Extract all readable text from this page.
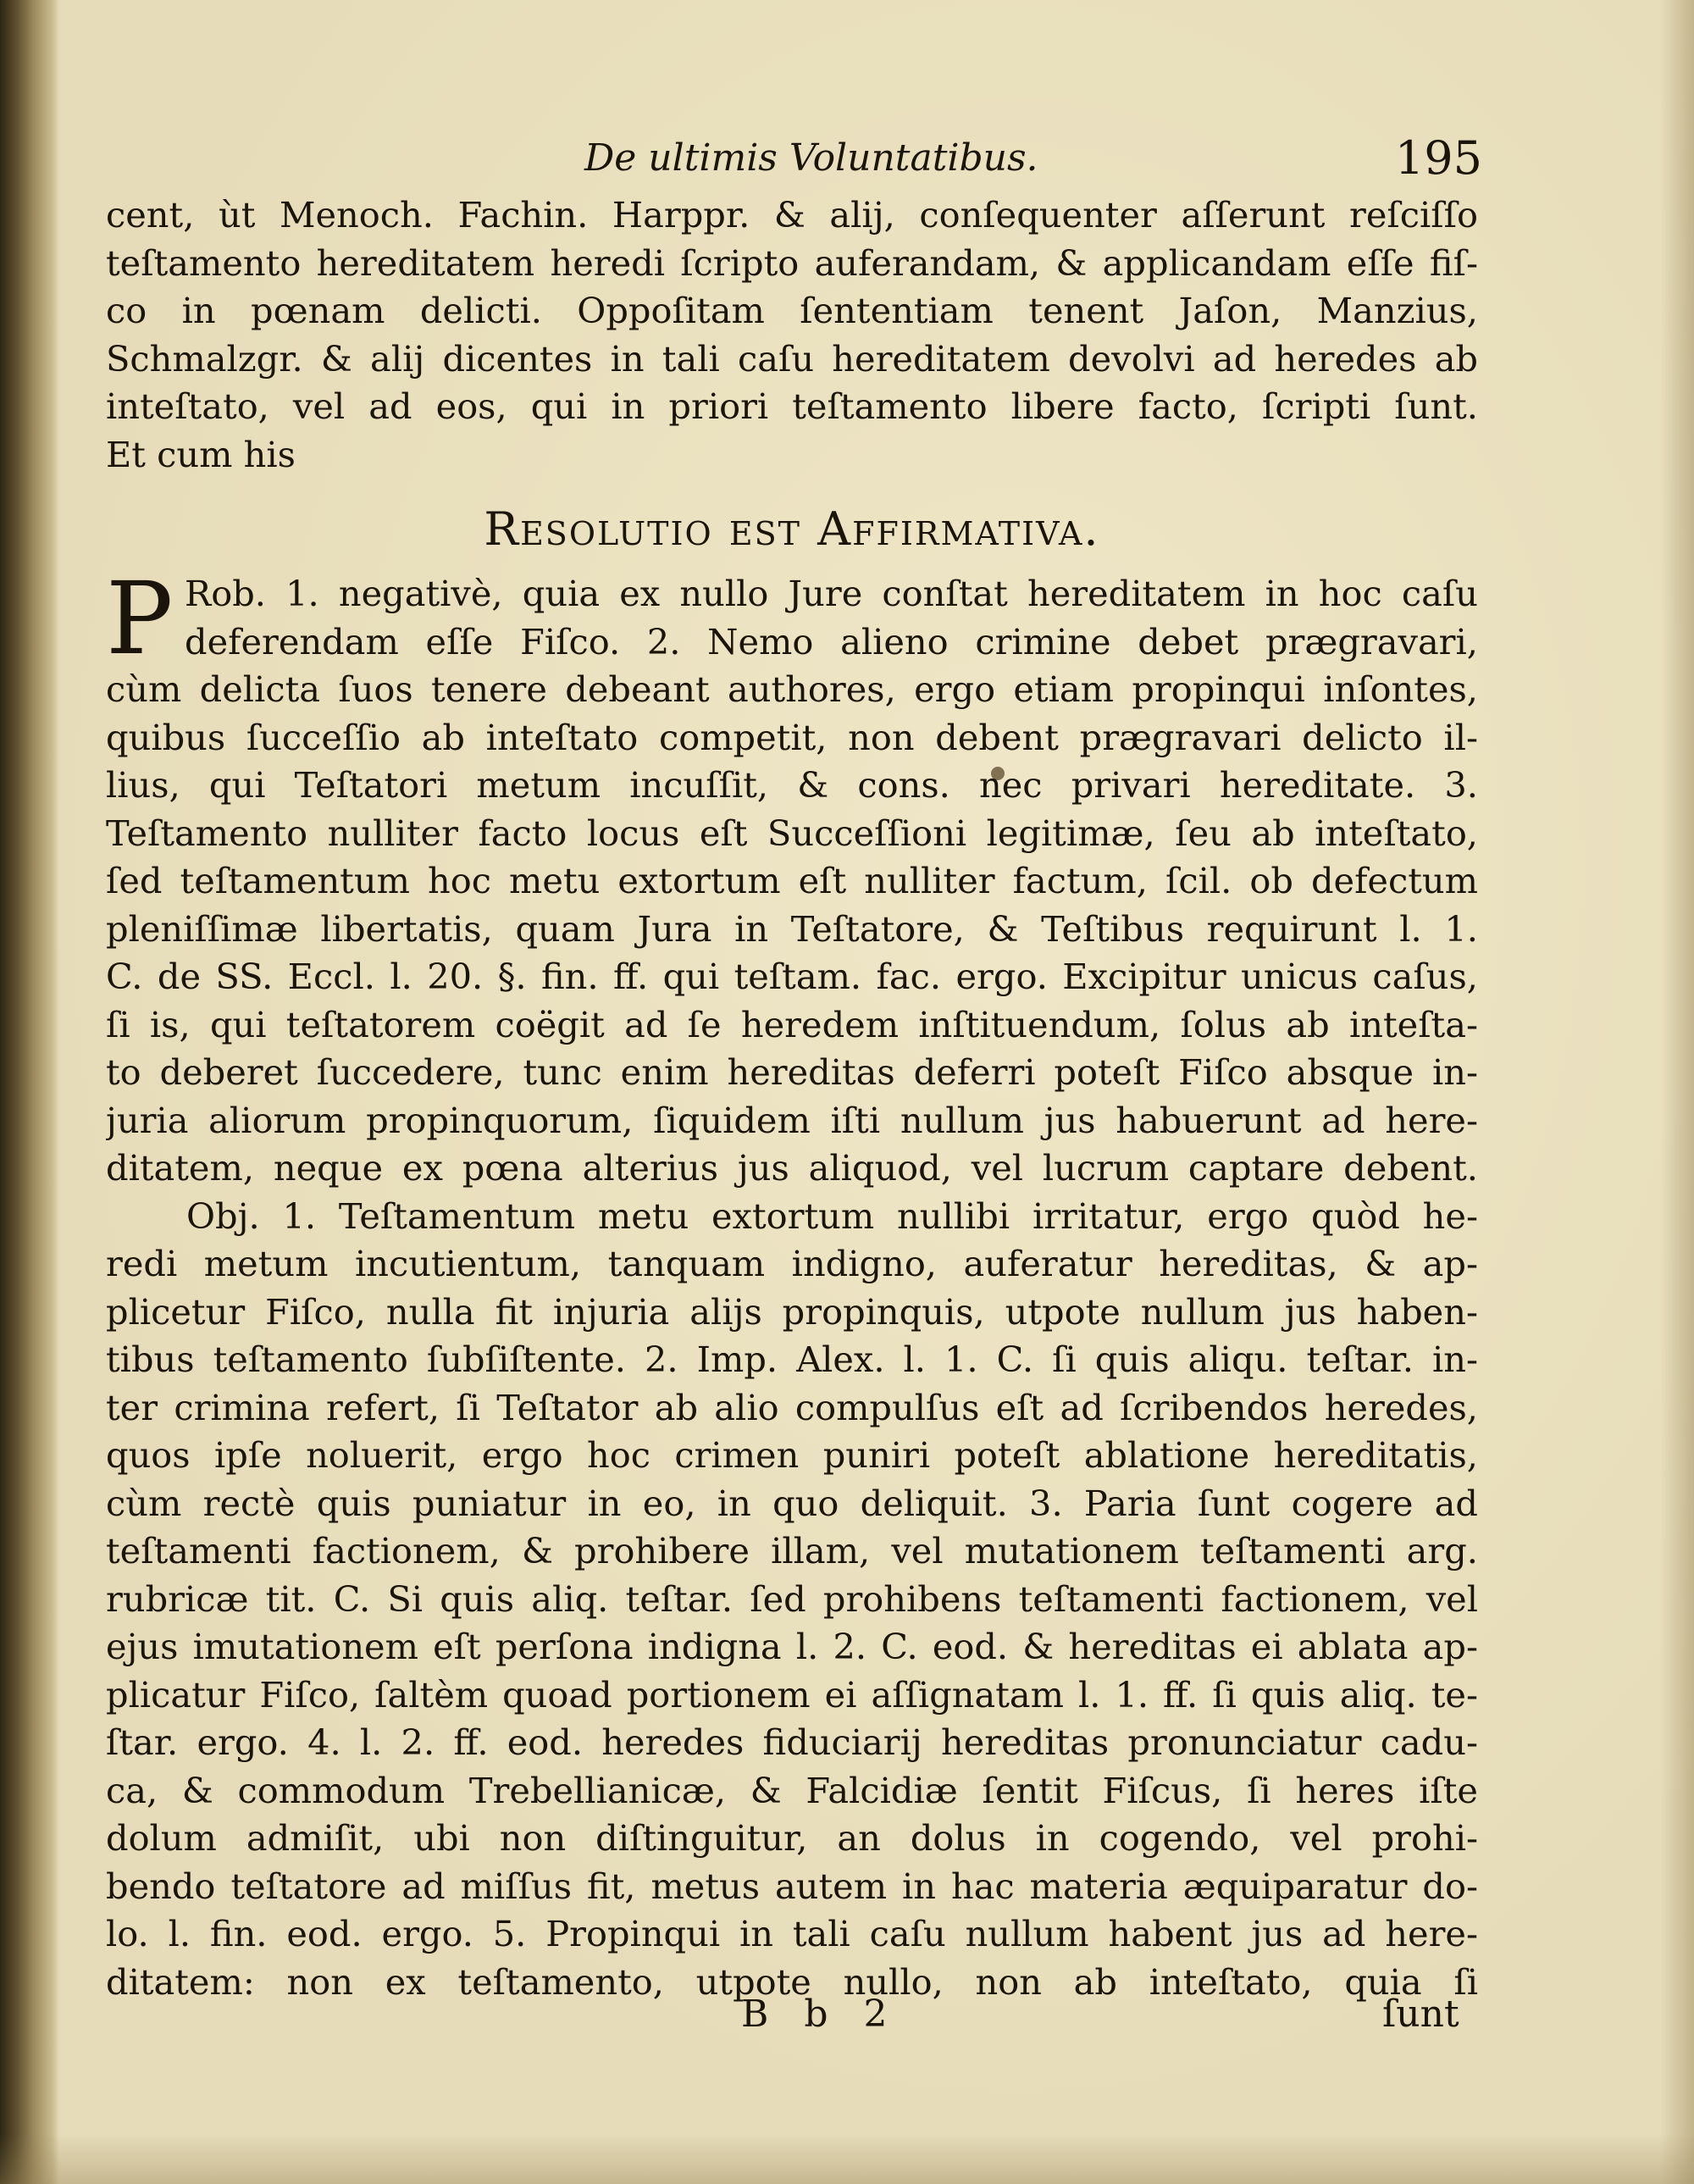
De ultimis Voluntatibus.	195
cent, ùt Menoch. Fachin. Harppr. & alij, conſequenter aſſerunt reſciſſo
teſtamento hereditatem heredi ſcripto auferandam, & applicandam eſſe fiſ-
co in pœnam delicti. Oppoſitam ſententiam tenent Jaſon, Manzius,
Schmalzgr. & alij dicentes in tali caſu hereditatem devolvi ad heredes ab
inteſtato, vel ad eos, qui in priori teſtamento libere facto, ſcripti ſunt.
Et cum his
Resolutio est Affirmativa.
P Rob. 1. negativè, quia ex nullo Jure conſtat hereditatem in hoc caſu
deferendam eſſe Fiſco. 2. Nemo alieno crimine debet prægravari,
cùm delicta ſuos tenere debeant authores, ergo etiam propinqui inſontes,
quibus ſucceſſio ab inteſtato competit, non debent prægravari delicto il-
lius, qui Teſtatori metum incuſſit, & cons. nec privari hereditate. 3.
Teſtamento nulliter facto locus eſt Succeſſioni legitimæ, ſeu ab inteſtato,
ſed teſtamentum hoc metu extortum eſt nulliter factum, ſcil. ob defectum
pleniſſimæ libertatis, quam Jura in Teſtatore, & Teſtibus requirunt l. 1.
C. de SS. Eccl. l. 20. §. fin. ff. qui teſtam. fac. ergo. Excipitur unicus caſus,
ſi is, qui teſtatorem coëgit ad ſe heredem inſtituendum, ſolus ab inteſta-
to deberet ſuccedere, tunc enim hereditas deferri poteſt Fiſco absque in-
juria aliorum propinquorum, ſiquidem iſti nullum jus habuerunt ad here-
ditatem, neque ex pœna alterius jus aliquod, vel lucrum captare debent.
Obj. 1. Teſtamentum metu extortum nullibi irritatur, ergo quòd he-
redi metum incutientum, tanquam indigno, auferatur hereditas, & ap-
plicetur Fiſco, nulla fit injuria alijs propinquis, utpote nullum jus haben-
tibus teſtamento ſubſiſtente. 2. Imp. Alex. l. 1. C. ſi quis aliqu. teſtar. in-
ter crimina refert, ſi Teſtator ab alio compulſus eſt ad ſcribendos heredes,
quos ipſe noluerit, ergo hoc crimen puniri poteſt ablatione hereditatis,
cùm rectè quis puniatur in eo, in quo deliquit. 3. Paria ſunt cogere ad
teſtamenti factionem, & prohibere illam, vel mutationem teſtamenti arg.
rubricæ tit. C. Si quis aliq. teſtar. ſed prohibens teſtamenti factionem, vel
ejus imutationem eſt perſona indigna l. 2. C. eod. & hereditas ei ablata ap-
plicatur Fiſco, ſaltèm quoad portionem ei aſſignatam l. 1. ff. ſi quis aliq. te-
ſtar. ergo. 4. l. 2. ff. eod. heredes fiduciarij hereditas pronunciatur cadu-
ca, & commodum Trebellianicæ, & Falcidiæ ſentit Fiſcus, ſi heres iſte
dolum admiſit, ubi non diſtinguitur, an dolus in cogendo, vel prohi-
bendo teſtatore ad miſſus fit, metus autem in hac materia æquiparatur do-
lo. l. fin. eod. ergo. 5. Propinqui in tali caſu nullum habent jus ad here-
ditatem: non ex teſtamento, utpote nullo, non ab inteſtato, quia ſi
B b 2	ſunt
